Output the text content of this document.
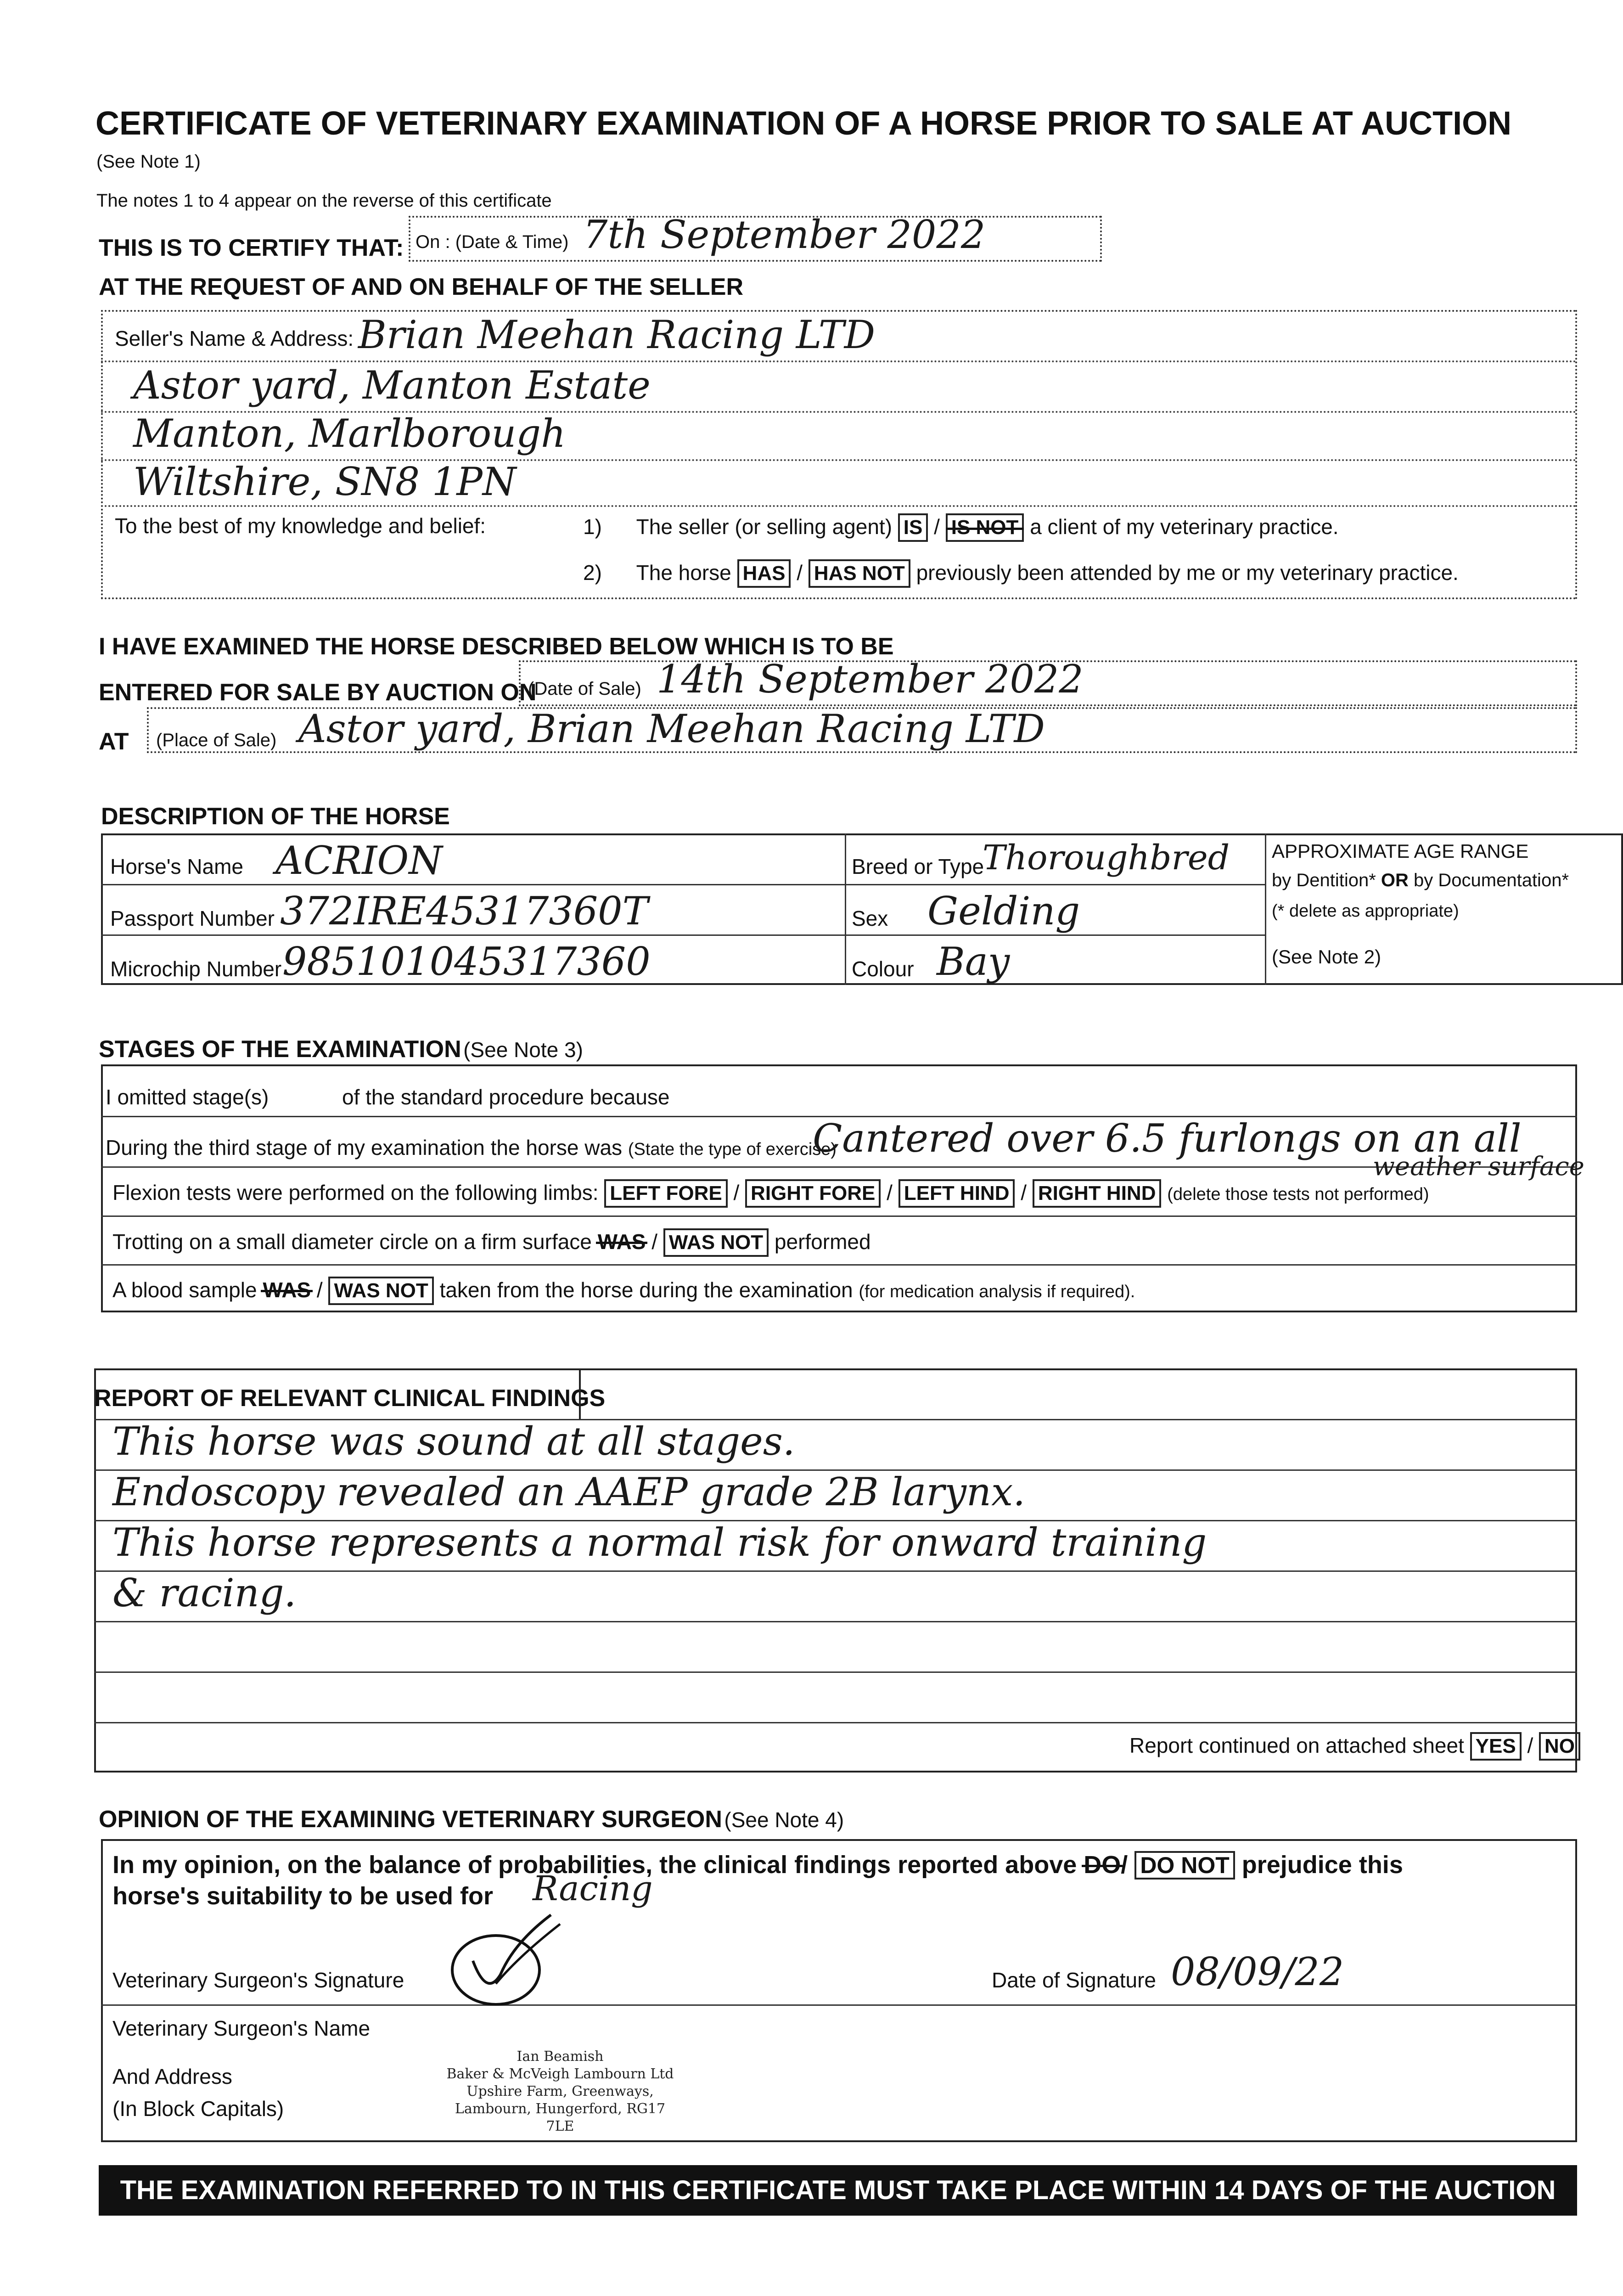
CERTIFICATE OF VETERINARY EXAMINATION OF A HORSE PRIOR TO SALE AT AUCTION
(See Note 1)
The notes 1 to 4 appear on the reverse of this certificate
THIS IS TO CERTIFY THAT: On : (Date & Time) 7th September 2022
AT THE REQUEST OF AND ON BEHALF OF THE SELLER
Seller's Name & Address: Brian Meehan Racing LTD
Astor yard, Manton Estate
Manton, Marlborough
Wiltshire, SN8 1PN
To the best of my knowledge and belief:	1) The seller (or selling agent) IS / IS NOT a client of my veterinary practice.
2) The horse HAS / HAS NOT previously been attended by me or my veterinary practice.
I HAVE EXAMINED THE HORSE DESCRIBED BELOW WHICH IS TO BE
ENTERED FOR SALE BY AUCTION ON
(Date of Sale) 14th September 2022
AT (Place of Sale) Astor yard, Brian Meehan Racing LTD
DESCRIPTION OF THE HORSE
Horse's Name ACRION
Passport Number 372IRE45317360T
Microchip Number 985101045317360
Breed or Type
Thoroughbred
Sex Gelding
Colour Bay
APPROXIMATE AGE RANGE
by Dentition* OR by Documentation*
(* delete as appropriate)
(See Note 2)
STAGES OF THE EXAMINATION (See Note 3)
I omitted stage(s)	of the standard procedure because
During the third stage of my examination the horse was (State the type of exercise)
Cantered over 6.5 furlongs on an all
weather surface
Flexion tests were performed on the following limbs: LEFT FORE / RIGHT FORE / LEFT HIND / RIGHT HIND (delete those tests not performed)
Trotting on a small diameter circle on a firm surface WAS / WAS NOT performed
A blood sample WAS / WAS NOT taken from the horse during the examination (for medication analysis if required).
REPORT OF RELEVANT CLINICAL FINDINGS
This horse was sound at all stages.
Endoscopy revealed an AAEP grade 2B larynx.
This horse represents a normal risk for onward training
& racing.
Report continued on attached sheet YES / NO
OPINION OF THE EXAMINING VETERINARY SURGEON (See Note 4)
In my opinion, on the balance of probabilities, the clinical findings reported above DO/ DO NOT prejudice this
horse's suitability to be used for Racing
Veterinary Surgeon's Signature	Date of Signature 08/09/22
Veterinary Surgeon's Name
And Address
(In Block Capitals)
Ian Beamish
Baker & McVeigh Lambourn Ltd
Upshire Farm, Greenways,
Lambourn, Hungerford, RG17 7LE
THE EXAMINATION REFERRED TO IN THIS CERTIFICATE MUST TAKE PLACE WITHIN 14 DAYS OF THE AUCTION
